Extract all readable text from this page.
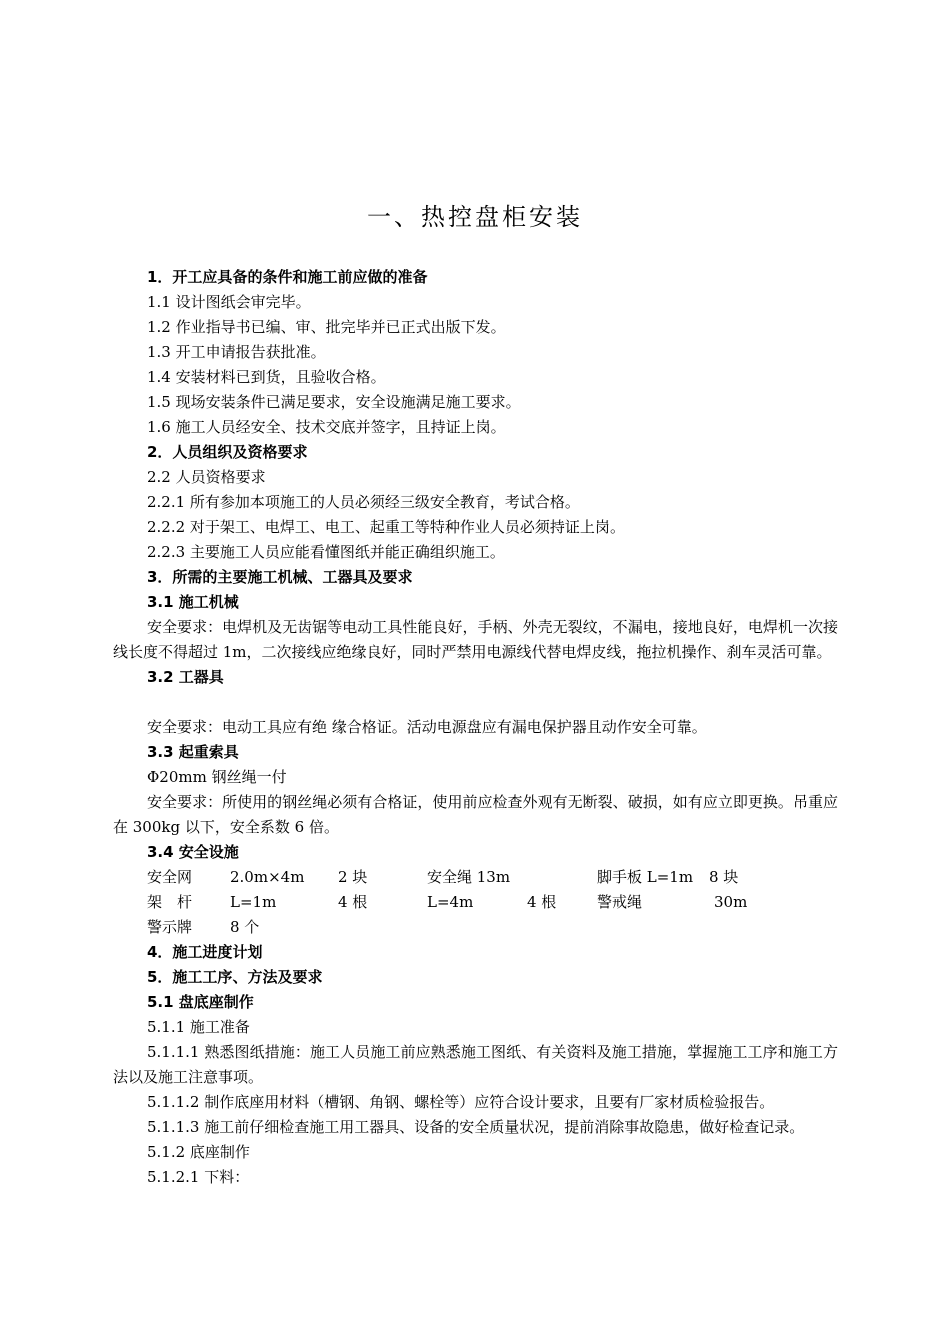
一、热控盘柜安装
1．开工应具备的条件和施工前应做的准备
1.1 设计图纸会审完毕。
1.2 作业指导书已编、审、批完毕并已正式出版下发。
1.3 开工申请报告获批准。
1.4 安装材料已到货，且验收合格。
1.5 现场安装条件已满足要求，安全设施满足施工要求。
1.6 施工人员经安全、技术交底并签字，且持证上岗。
2．人员组织及资格要求
2.2 人员资格要求
2.2.1 所有参加本项施工的人员必须经三级安全教育，考试合格。
2.2.2 对于架工、电焊工、电工、起重工等特种作业人员必须持证上岗。
2.2.3 主要施工人员应能看懂图纸并能正确组织施工。
3．所需的主要施工机械、工器具及要求
3.1 施工机械
安全要求：电焊机及无齿锯等电动工具性能良好，手柄、外壳无裂纹，不漏电，接地良好，电焊机一次接线长度不得超过 1m，二次接线应绝缘良好，同时严禁用电源线代替电焊皮线，拖拉机操作、刹车灵活可靠。
3.2 工器具
安全要求：电动工具应有绝 缘合格证。活动电源盘应有漏电保护器且动作安全可靠。
3.3 起重索具
Φ20mm 钢丝绳一付
安全要求：所使用的钢丝绳必须有合格证，使用前应检查外观有无断裂、破损，如有应立即更换。吊重应在 300kg 以下，安全系数 6 倍。
3.4 安全设施
安全网	2.0m×4m 2 块	安全绳 13m	脚手板 L=1m 8 块
架　杆	L=1m	4 根	L=4m	4 根	警戒绳	30m
警示牌	8 个
4．施工进度计划
5．施工工序、方法及要求
5.1 盘底座制作
5.1.1 施工准备
5.1.1.1 熟悉图纸措施：施工人员施工前应熟悉施工图纸、有关资料及施工措施，掌握施工工序和施工方法以及施工注意事项。
5.1.1.2 制作底座用材料（槽钢、角钢、螺栓等）应符合设计要求，且要有厂家材质检验报告。
5.1.1.3 施工前仔细检查施工用工器具、设备的安全质量状况，提前消除事故隐患，做好检查记录。
5.1.2 底座制作
5.1.2.1 下料：
